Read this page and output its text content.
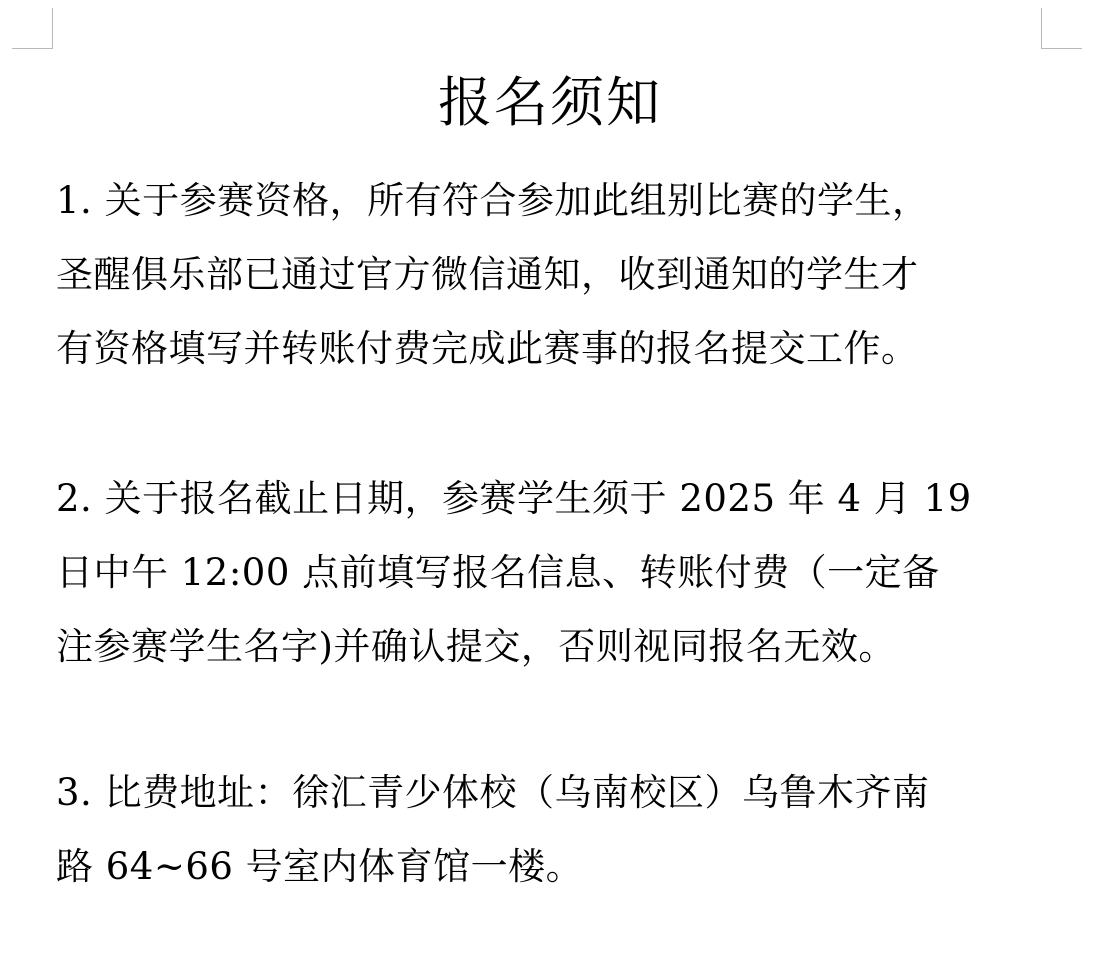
报名须知

1. 关于参赛资格，所有符合参加此组别比赛的学生，
圣醒俱乐部已通过官方微信通知，收到通知的学生才
有资格填写并转账付费完成此赛事的报名提交工作。

2. 关于报名截止日期，参赛学生须于 2025 年 4 月 19
日中午 12:00 点前填写报名信息、转账付费（一定备
注参赛学生名字)并确认提交，否则视同报名无效。

3. 比费地址：徐汇青少体校（乌南校区）乌鲁木齐南
路 64~66 号室内体育馆一楼。
